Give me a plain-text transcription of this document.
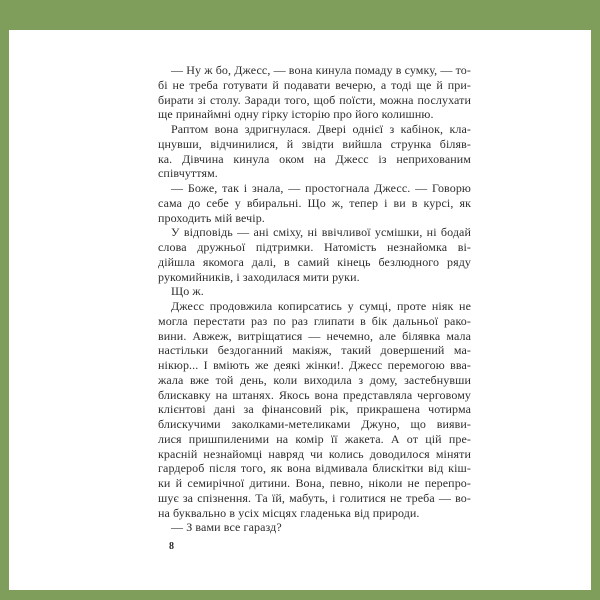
— Ну ж бо, Джесс, — вона кинула помаду в сумку, — то-
бі не треба готувати й подавати вечерю, а тоді ще й при-
бирати зі столу. Заради того, щоб поїсти, можна послухати
ще принаймні одну гірку історію про його колишню.
Раптом вона здригнулася. Двері однієї з кабінок, кла-
цнувши, відчинилися, й звідти вийшла струнка біляв-
ка. Дівчина кинула оком на Джесс із неприхованим
співчуттям.
— Боже, так і знала, — простогнала Джесс. — Говорю
сама до себе у вбиральні. Що ж, тепер і ви в курсі, як
проходить мій вечір.
У відповідь — ані сміху, ні ввічливої усмішки, ні бодай
слова дружньої підтримки. Натомість незнайомка ві-
дійшла якомога далі, в самий кінець безлюдного ряду
рукомийників, і заходилася мити руки.
Що ж.
Джесс продовжила копирсатись у сумці, проте ніяк не
могла перестати раз по раз глипати в бік дальньої рако-
вини. Авжеж, витріщатися — нечемно, але білявка мала
настільки бездоганний макіяж, такий довершений ма-
нікюр... І вміють же деякі жінки!. Джесс перемогою вва-
жала вже той день, коли виходила з дому, застебнувши
блискавку на штанях. Якось вона представляла черговому
клієнтові дані за фінансовий рік, прикрашена чотирма
блискучими заколками-метеликами Джуно, що вияви-
лися пришпиленими на комір її жакета. А от цій пре-
красній незнайомці навряд чи колись доводилося міняти
гардероб після того, як вона відмивала блискітки від кіш-
ки й семирічної дитини. Вона, певно, ніколи не перепро-
шує за спізнення. Та їй, мабуть, і голитися не треба — во-
на буквально в усіх місцях гладенька від природи.
— З вами все гаразд?
8
